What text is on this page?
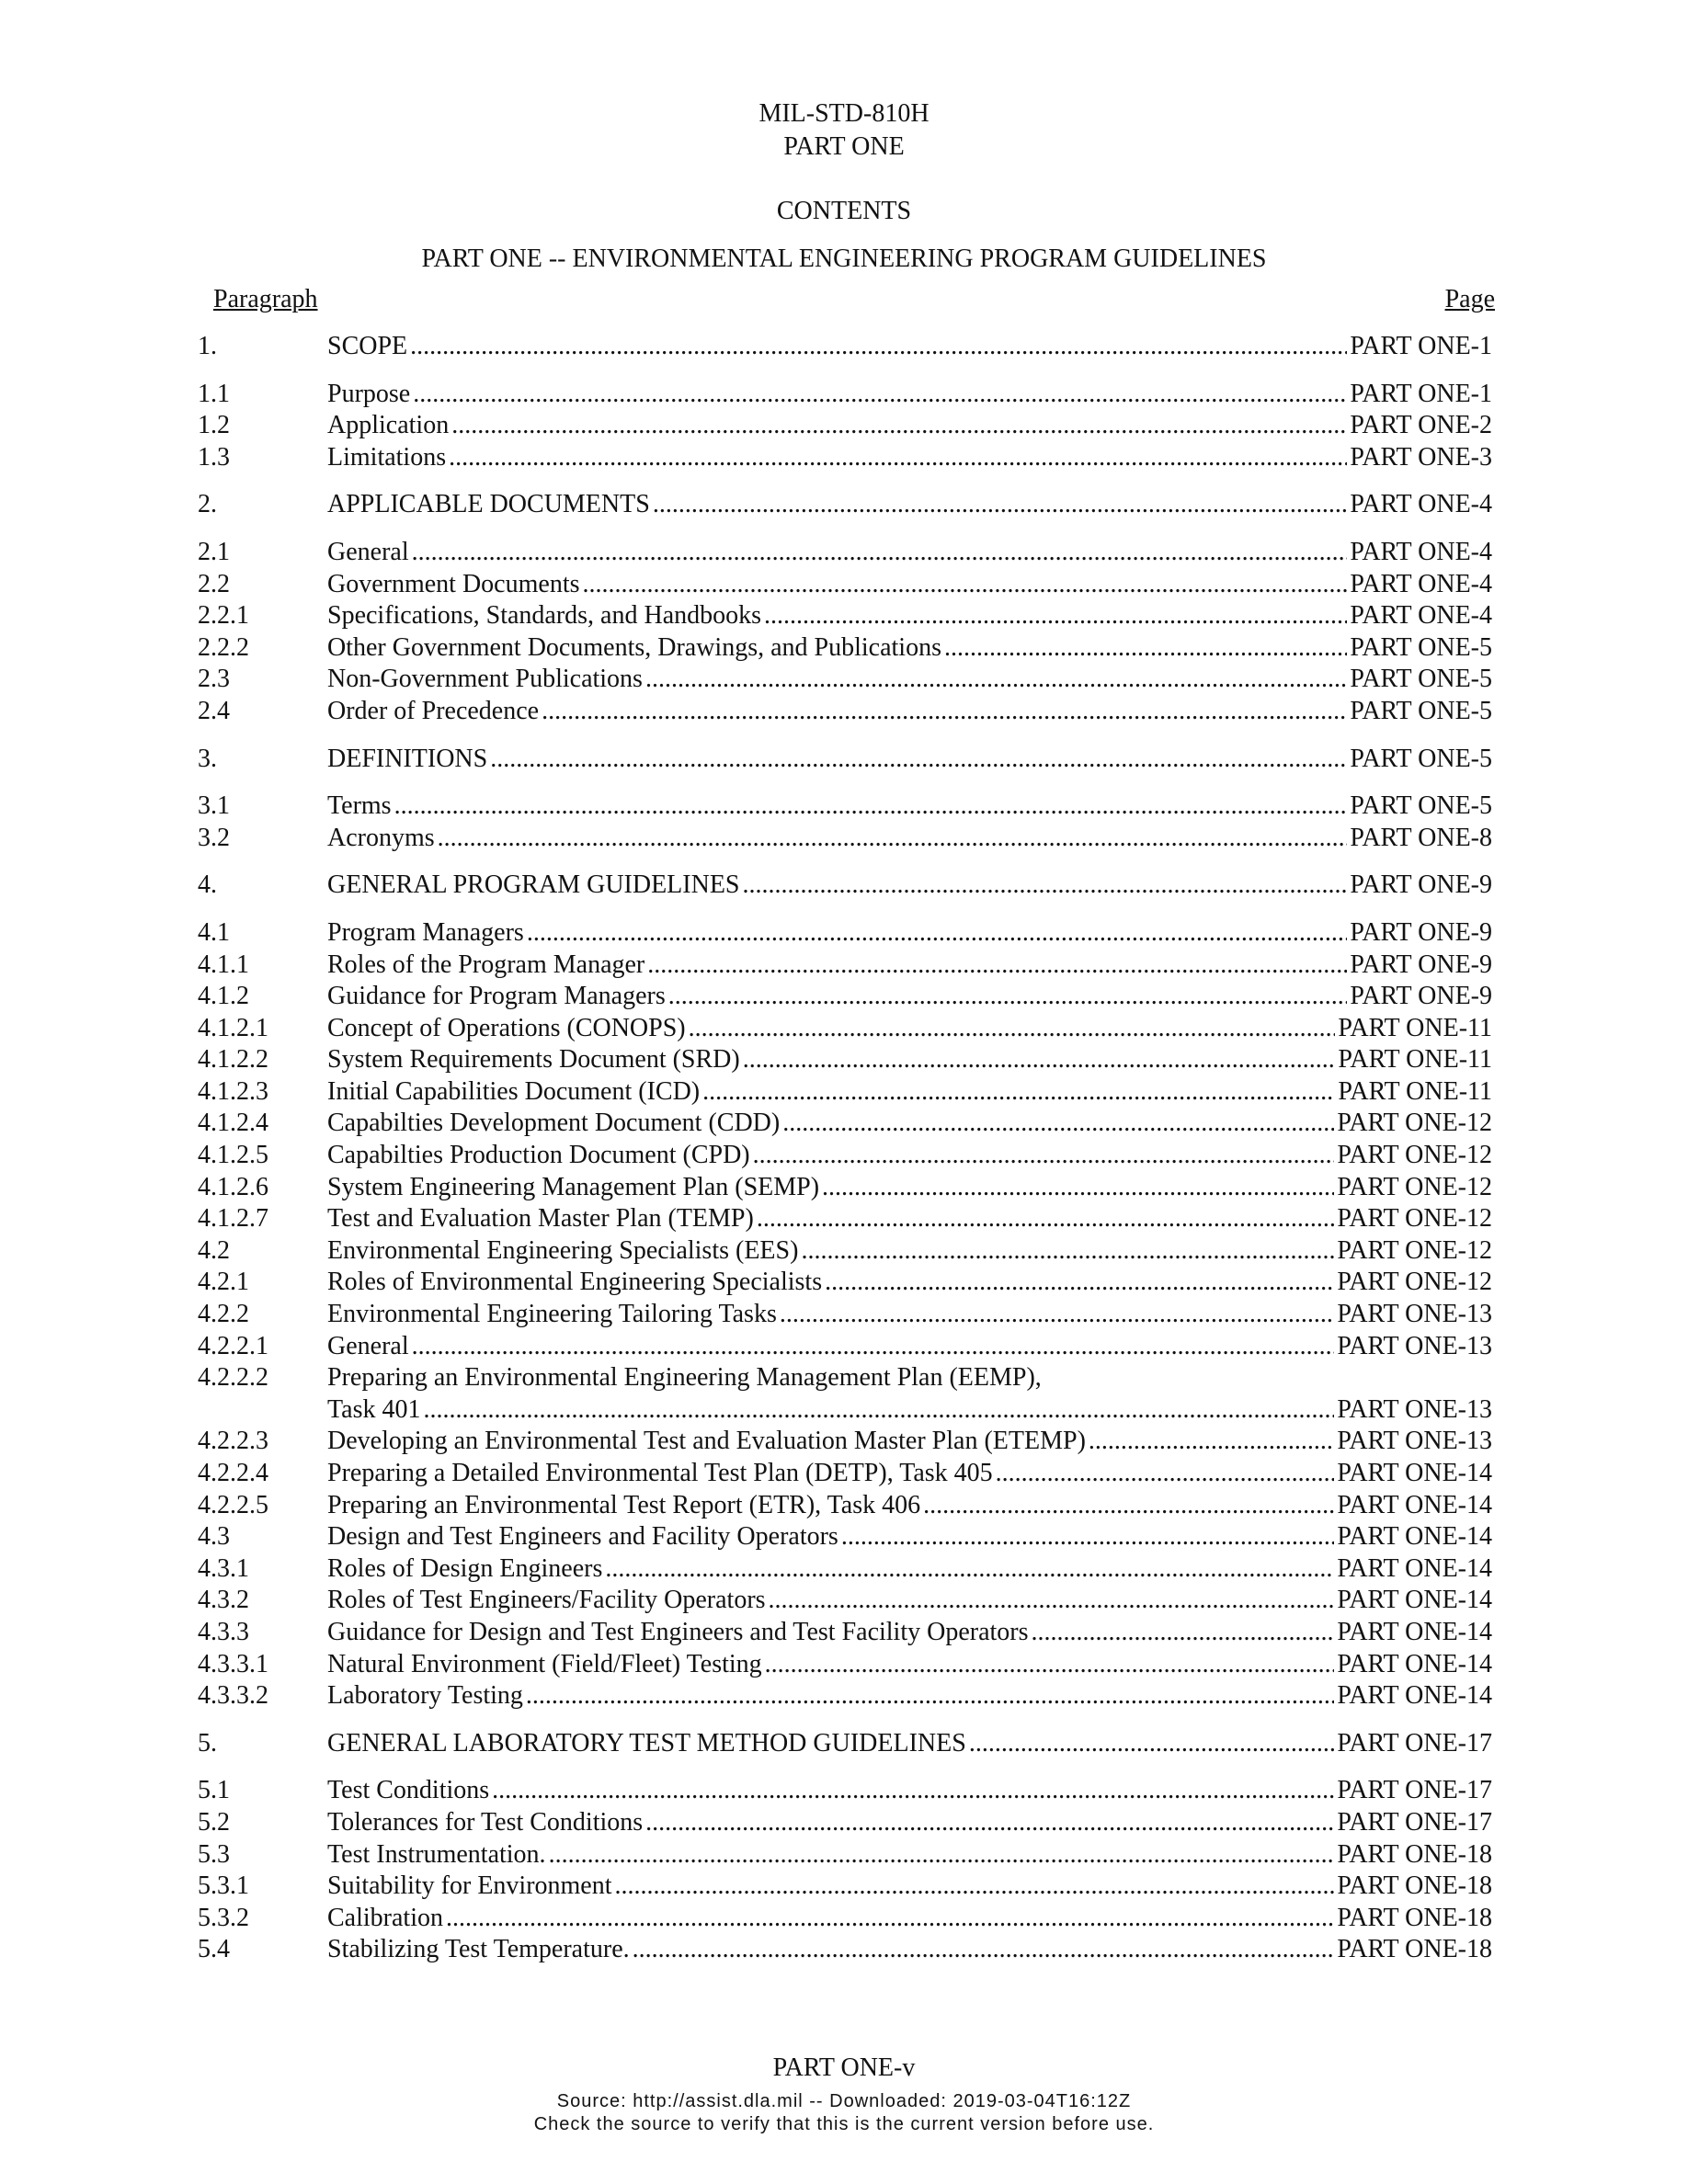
MIL-STD-810H
PART ONE
CONTENTS
PART ONE -- ENVIRONMENTAL ENGINEERING PROGRAM GUIDELINES
Paragraph	Page
1.	SCOPE .....	PART ONE-1
1.1	Purpose .....	PART ONE-1
1.2	Application .....	PART ONE-2
1.3	Limitations .....	PART ONE-3
2.	APPLICABLE DOCUMENTS .....	PART ONE-4
2.1	General .....	PART ONE-4
2.2	Government Documents .....	PART ONE-4
2.2.1	Specifications, Standards, and Handbooks .....	PART ONE-4
2.2.2	Other Government Documents, Drawings, and Publications .....	PART ONE-5
2.3	Non-Government Publications .....	PART ONE-5
2.4	Order of Precedence .....	PART ONE-5
3.	DEFINITIONS .....	PART ONE-5
3.1	Terms .....	PART ONE-5
3.2	Acronyms .....	PART ONE-8
4.	GENERAL PROGRAM GUIDELINES .....	PART ONE-9
4.1	Program Managers .....	PART ONE-9
4.1.1	Roles of the Program Manager .....	PART ONE-9
4.1.2	Guidance for Program Managers .....	PART ONE-9
4.1.2.1 Concept of Operations (CONOPS) .....	PART ONE-11
4.1.2.2 System Requirements Document (SRD) .....	PART ONE-11
4.1.2.3 Initial Capabilities Document (ICD) .....	PART ONE-11
4.1.2.4 Capabilties Development Document (CDD) .....	PART ONE-12
4.1.2.5 Capabilties Production Document (CPD) .....	PART ONE-12
4.1.2.6 System Engineering Management Plan (SEMP) .....	PART ONE-12
4.1.2.7 Test and Evaluation Master Plan (TEMP) .....	PART ONE-12
4.2	Environmental Engineering Specialists (EES) .....	PART ONE-12
4.2.1	Roles of Environmental Engineering Specialists .....	PART ONE-12
4.2.2	Environmental Engineering Tailoring Tasks .....	PART ONE-13
4.2.2.1 General .....	PART ONE-13
4.2.2.2 Preparing an Environmental Engineering Management Plan (EEMP),
Task 401 .....	PART ONE-13
4.2.2.3 Developing an Environmental Test and Evaluation Master Plan (ETEMP) .....	PART ONE-13
4.2.2.4 Preparing a Detailed Environmental Test Plan (DETP), Task 405 .....	PART ONE-14
4.2.2.5 Preparing an Environmental Test Report (ETR), Task 406 .....	PART ONE-14
4.3	Design and Test Engineers and Facility Operators .....	PART ONE-14
4.3.1	Roles of Design Engineers .....	PART ONE-14
4.3.2	Roles of Test Engineers/Facility Operators .....	PART ONE-14
4.3.3	Guidance for Design and Test Engineers and Test Facility Operators .....	PART ONE-14
4.3.3.1 Natural Environment (Field/Fleet) Testing .....	PART ONE-14
4.3.3.2 Laboratory Testing .....	PART ONE-14
5.	GENERAL LABORATORY TEST METHOD GUIDELINES .....	PART ONE-17
5.1	Test Conditions .....	PART ONE-17
5.2	Tolerances for Test Conditions .....	PART ONE-17
5.3	Test Instrumentation. .....	PART ONE-18
5.3.1	Suitability for Environment .....	PART ONE-18
5.3.2	Calibration .....	PART ONE-18
5.4	Stabilizing Test Temperature. .....	PART ONE-18
PART ONE-v
Source: http://assist.dla.mil -- Downloaded: 2019-03-04T16:12Z
Check the source to verify that this is the current version before use.
